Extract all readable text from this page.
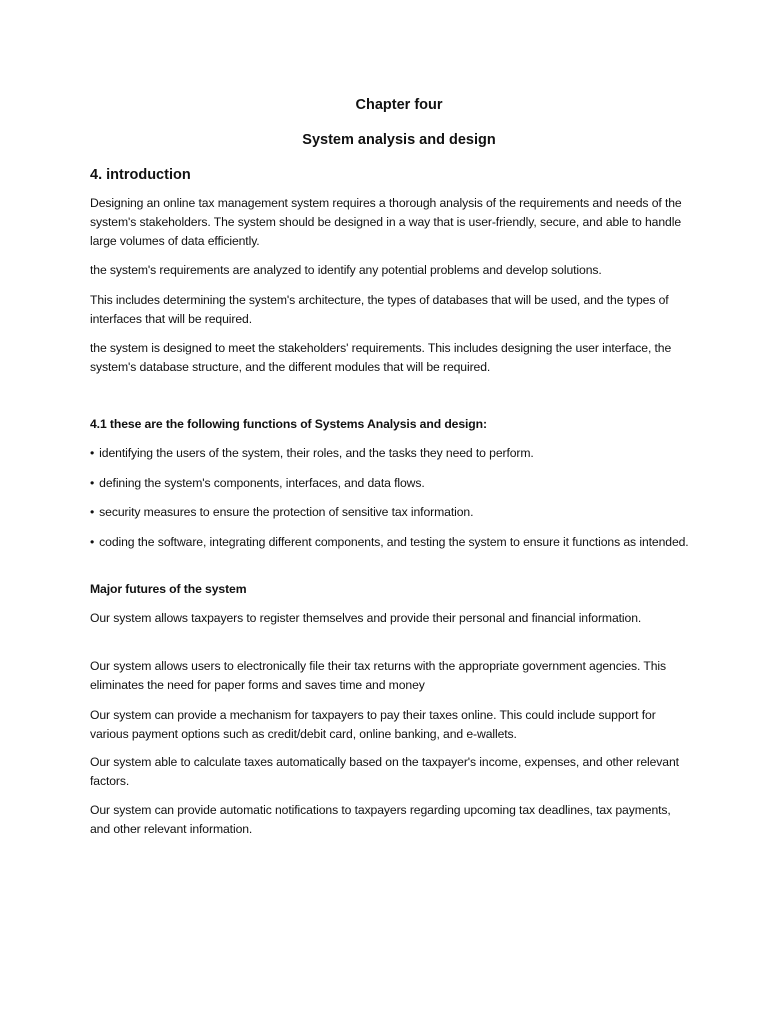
Chapter four
System analysis and design
4. introduction

Designing an online tax management system requires a thorough analysis of the requirements and needs of the system's stakeholders. The system should be designed in a way that is user-friendly, secure, and able to handle large volumes of data efficiently.

the system's requirements are analyzed to identify any potential problems and develop solutions.

This includes determining the system's architecture, the types of databases that will be used, and the types of interfaces that will be required.

the system is designed to meet the stakeholders' requirements. This includes designing the user interface, the system's database structure, and the different modules that will be required.

4.1 these are the following functions of Systems Analysis and design:

• identifying the users of the system, their roles, and the tasks they need to perform.

• defining the system's components, interfaces, and data flows.

• security measures to ensure the protection of sensitive tax information.

• coding the software, integrating different components, and testing the system to ensure it functions as intended.

Major futures of the system

Our system allows taxpayers to register themselves and provide their personal and financial information.

Our system allows users to electronically file their tax returns with the appropriate government agencies. This eliminates the need for paper forms and saves time and money

Our system can provide a mechanism for taxpayers to pay their taxes online. This could include support for various payment options such as credit/debit card, online banking, and e-wallets.

Our system able to calculate taxes automatically based on the taxpayer's income, expenses, and other relevant factors.

Our system can provide automatic notifications to taxpayers regarding upcoming tax deadlines, tax payments, and other relevant information.
